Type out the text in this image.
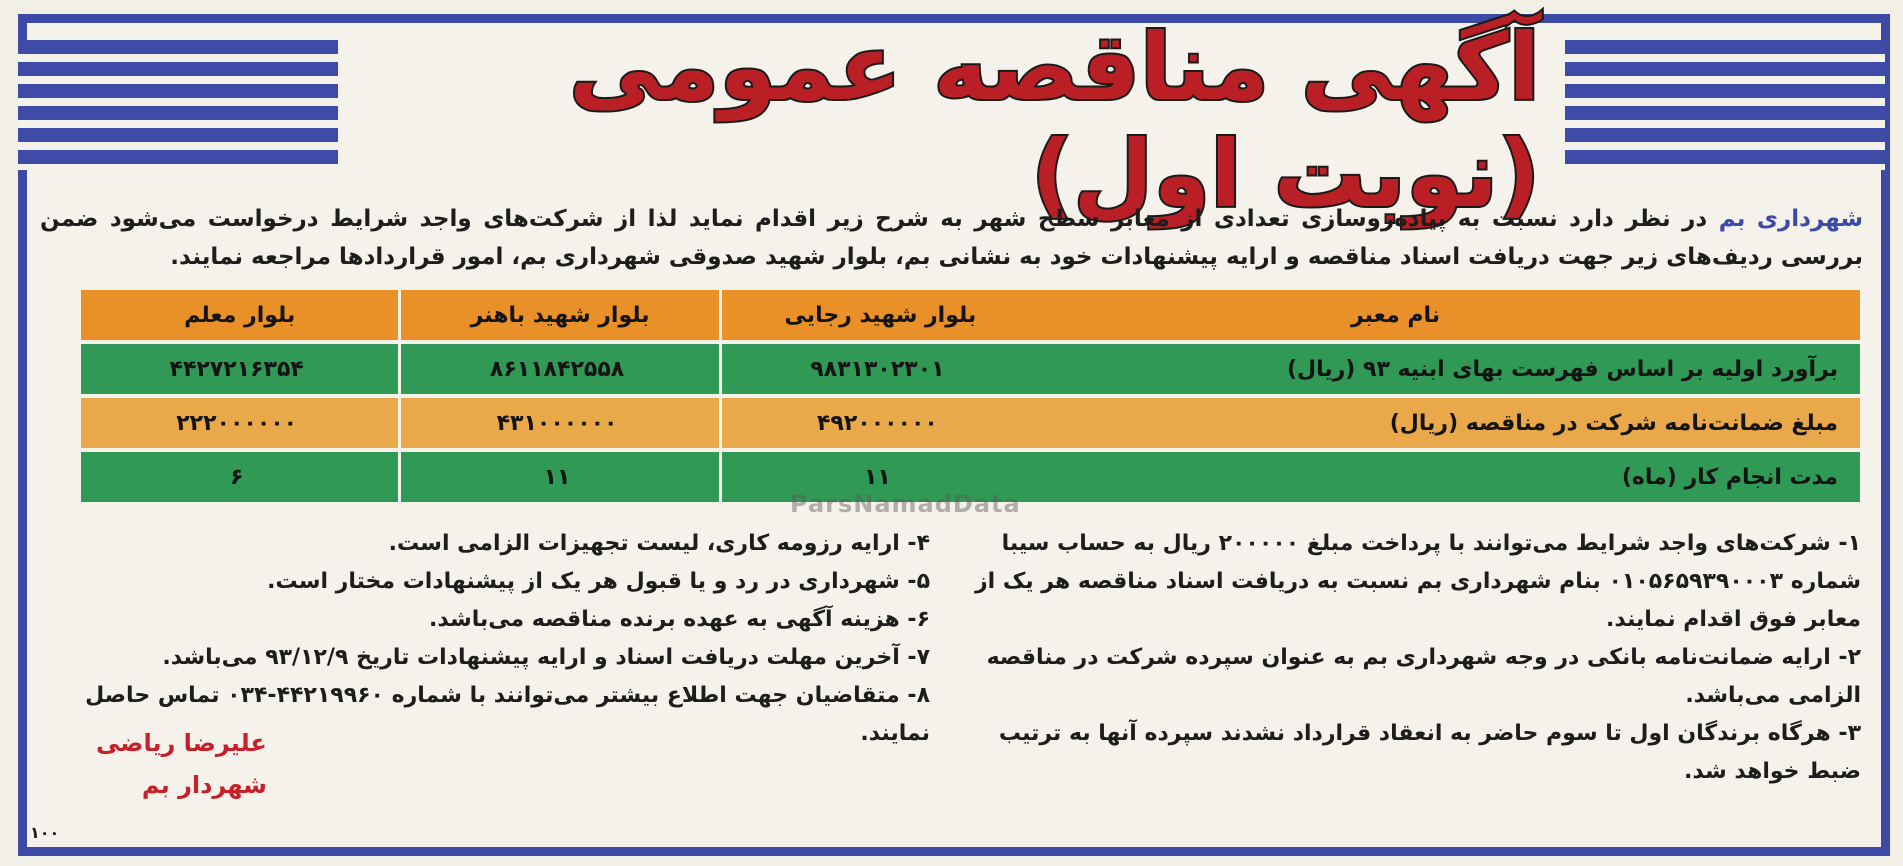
آگهی مناقصه عمومی (نوبت اول)	شهرداری بم در نظر دارد نسبت به پیاده‌روسازی تعدادی از معابر سطح شهر به شرح زیر اقدام نماید لذا از شرکت‌های واجد شرایط درخواست می‌شود ضمن بررسی ردیف‌های زیر جهت دریافت اسناد مناقصه و ارایه پیشنهادات خود به نشانی بم، بلوار شهید صدوقی شهرداری بم، امور قراردادها مراجعه نمایند.
نام معبر	بلوار شهید رجایی	بلوار شهید باهنر	بلوار معلم
برآورد اولیه بر اساس فهرست بهای ابنیه ۹۳ (ریال)	۹۸۳۱۳۰۲۳۰۱	۸۶۱۱۸۴۲۵۵۸	۴۴۲۷۲۱۶۳۵۴
مبلغ ضمانت‌نامه شرکت در مناقصه (ریال)	۴۹۲۰۰۰۰۰۰	۴۳۱۰۰۰۰۰۰	۲۲۲۰۰۰۰۰۰
مدت انجام کار (ماه)	۱۱	۱۱	۶
ParsNamadData

۱- شرکت‌های واجد شرایط می‌توانند با پرداخت مبلغ ۲۰۰۰۰۰ ریال به حساب سیبا شماره ۰۱۰۵۶۵۹۳۹۰۰۰۳ بنام شهرداری بم نسبت به دریافت اسناد مناقصه هر یک از معابر فوق اقدام نمایند.

۲- ارایه ضمانت‌نامه بانکی در وجه شهرداری بم به عنوان سپرده شرکت در مناقصه الزامی می‌باشد.

۳- هرگاه برندگان اول تا سوم حاضر به انعقاد قرارداد نشدند سپرده آنها به ترتیب ضبط خواهد شد.

۴- ارایه رزومه کاری، لیست تجهیزات الزامی است.

۵- شهرداری در رد و یا قبول هر یک از پیشنهادات مختار است.

۶- هزینه آگهی به عهده برنده مناقصه می‌باشد.

۷- آخرین مهلت دریافت اسناد و ارایه پیشنهادات تاریخ ۹۳/۱۲/۹ می‌باشد.

۸- متقاضیان جهت اطلاع بیشتر می‌توانند با شماره ۴۴۲۱۹۹۶۰-۰۳۴ تماس حاصل نمایند.

علیرضا ریاضی
شهردار بم
۱۰۰
